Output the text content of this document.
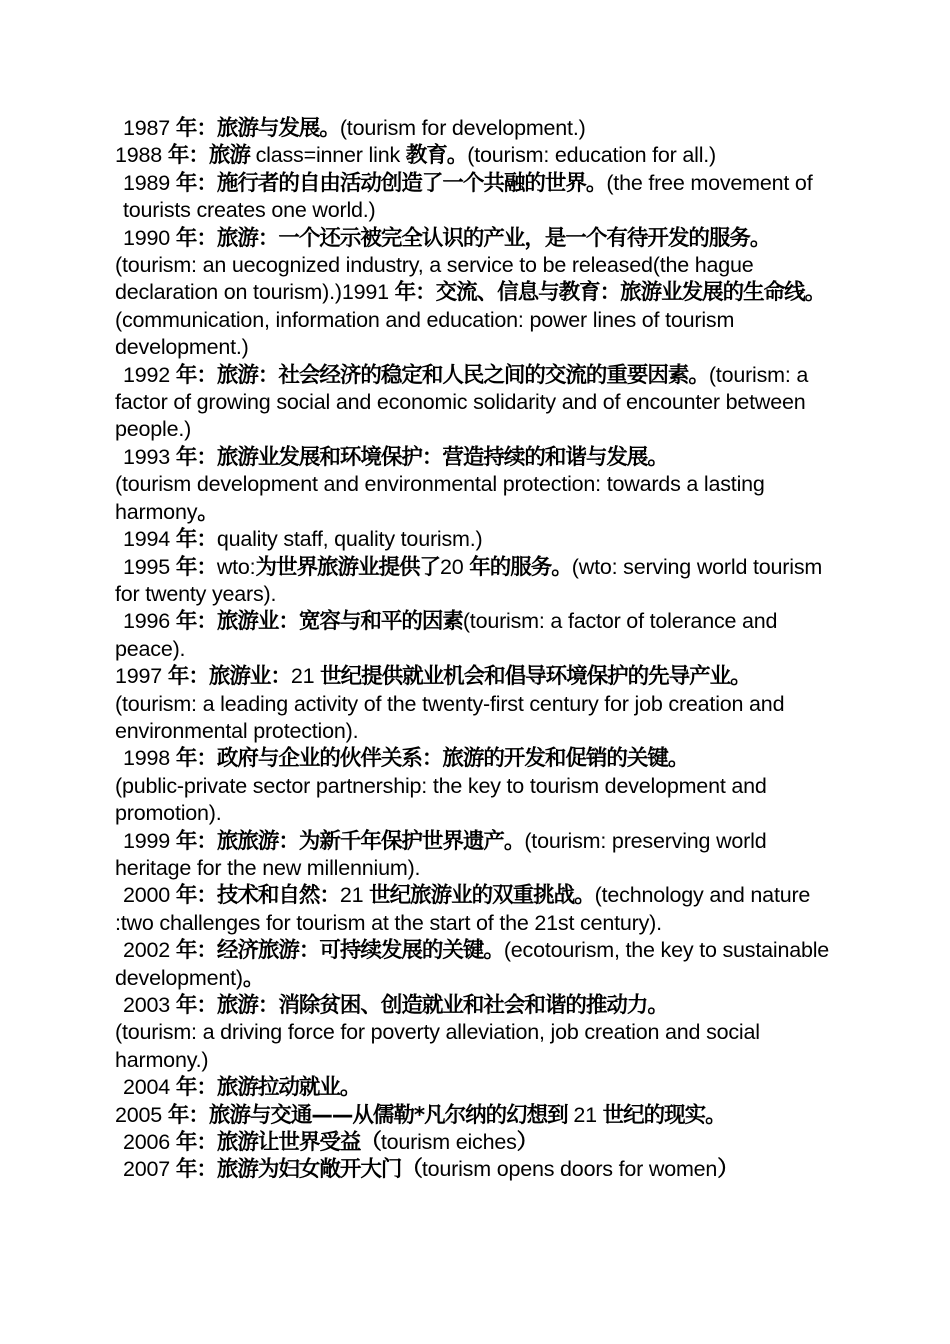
1987 年：旅游与发展。(tourism for development.)

1988 年：旅游 class=inner link 教育。(tourism: education for all.)

1989 年：施行者的自由活动创造了一个共融的世界。(the free movement of tourists creates one world.)

1990 年：旅游：一个还示被完全认识的产业，是一个有待开发的服务。(tourism: an uecognized industry, a service to be released(the hague declaration on tourism).)1991 年：交流、信息与教育：旅游业发展的生命线。(communication, information and education: power lines of tourism development.)

1992 年：旅游：社会经济的稳定和人民之间的交流的重要因素。(tourism: a factor of growing social and economic solidarity and of encounter between people.)

1993 年：旅游业发展和环境保护：营造持续的和谐与发展。
(tourism development and environmental protection: towards a lasting harmony。

1994 年：quality staff, quality tourism.)

1995 年：wto:为世界旅游业提供了20 年的服务。(wto: serving world tourism for twenty years).

1996 年：旅游业：宽容与和平的因素(tourism: a factor of tolerance and peace).

1997 年：旅游业：21 世纪提供就业机会和倡导环境保护的先导产业。
(tourism: a leading activity of the twenty-first century for job creation and environmental protection).

1998 年：政府与企业的伙伴关系：旅游的开发和促销的关键。
(public-private sector partnership: the key to tourism development and promotion).

1999 年：旅旅游：为新千年保护世界遗产。(tourism: preserving world heritage for the new millennium).

2000 年：技术和自然：21 世纪旅游业的双重挑战。(technology and nature :two challenges for tourism at the start of the 21st century).

2002 年：经济旅游：可持续发展的关键。(ecotourism, the key to sustainable development)。

2003 年：旅游：消除贫困、创造就业和社会和谐的推动力。
(tourism: a driving force for poverty alleviation, job creation and social harmony.)

2004 年：旅游拉动就业。

2005 年：旅游与交通——从儒勒*凡尔纳的幻想到 21 世纪的现实。

2006 年：旅游让世界受益（tourism eiches）

2007 年：旅游为妇女敞开大门（tourism opens doors for women）
